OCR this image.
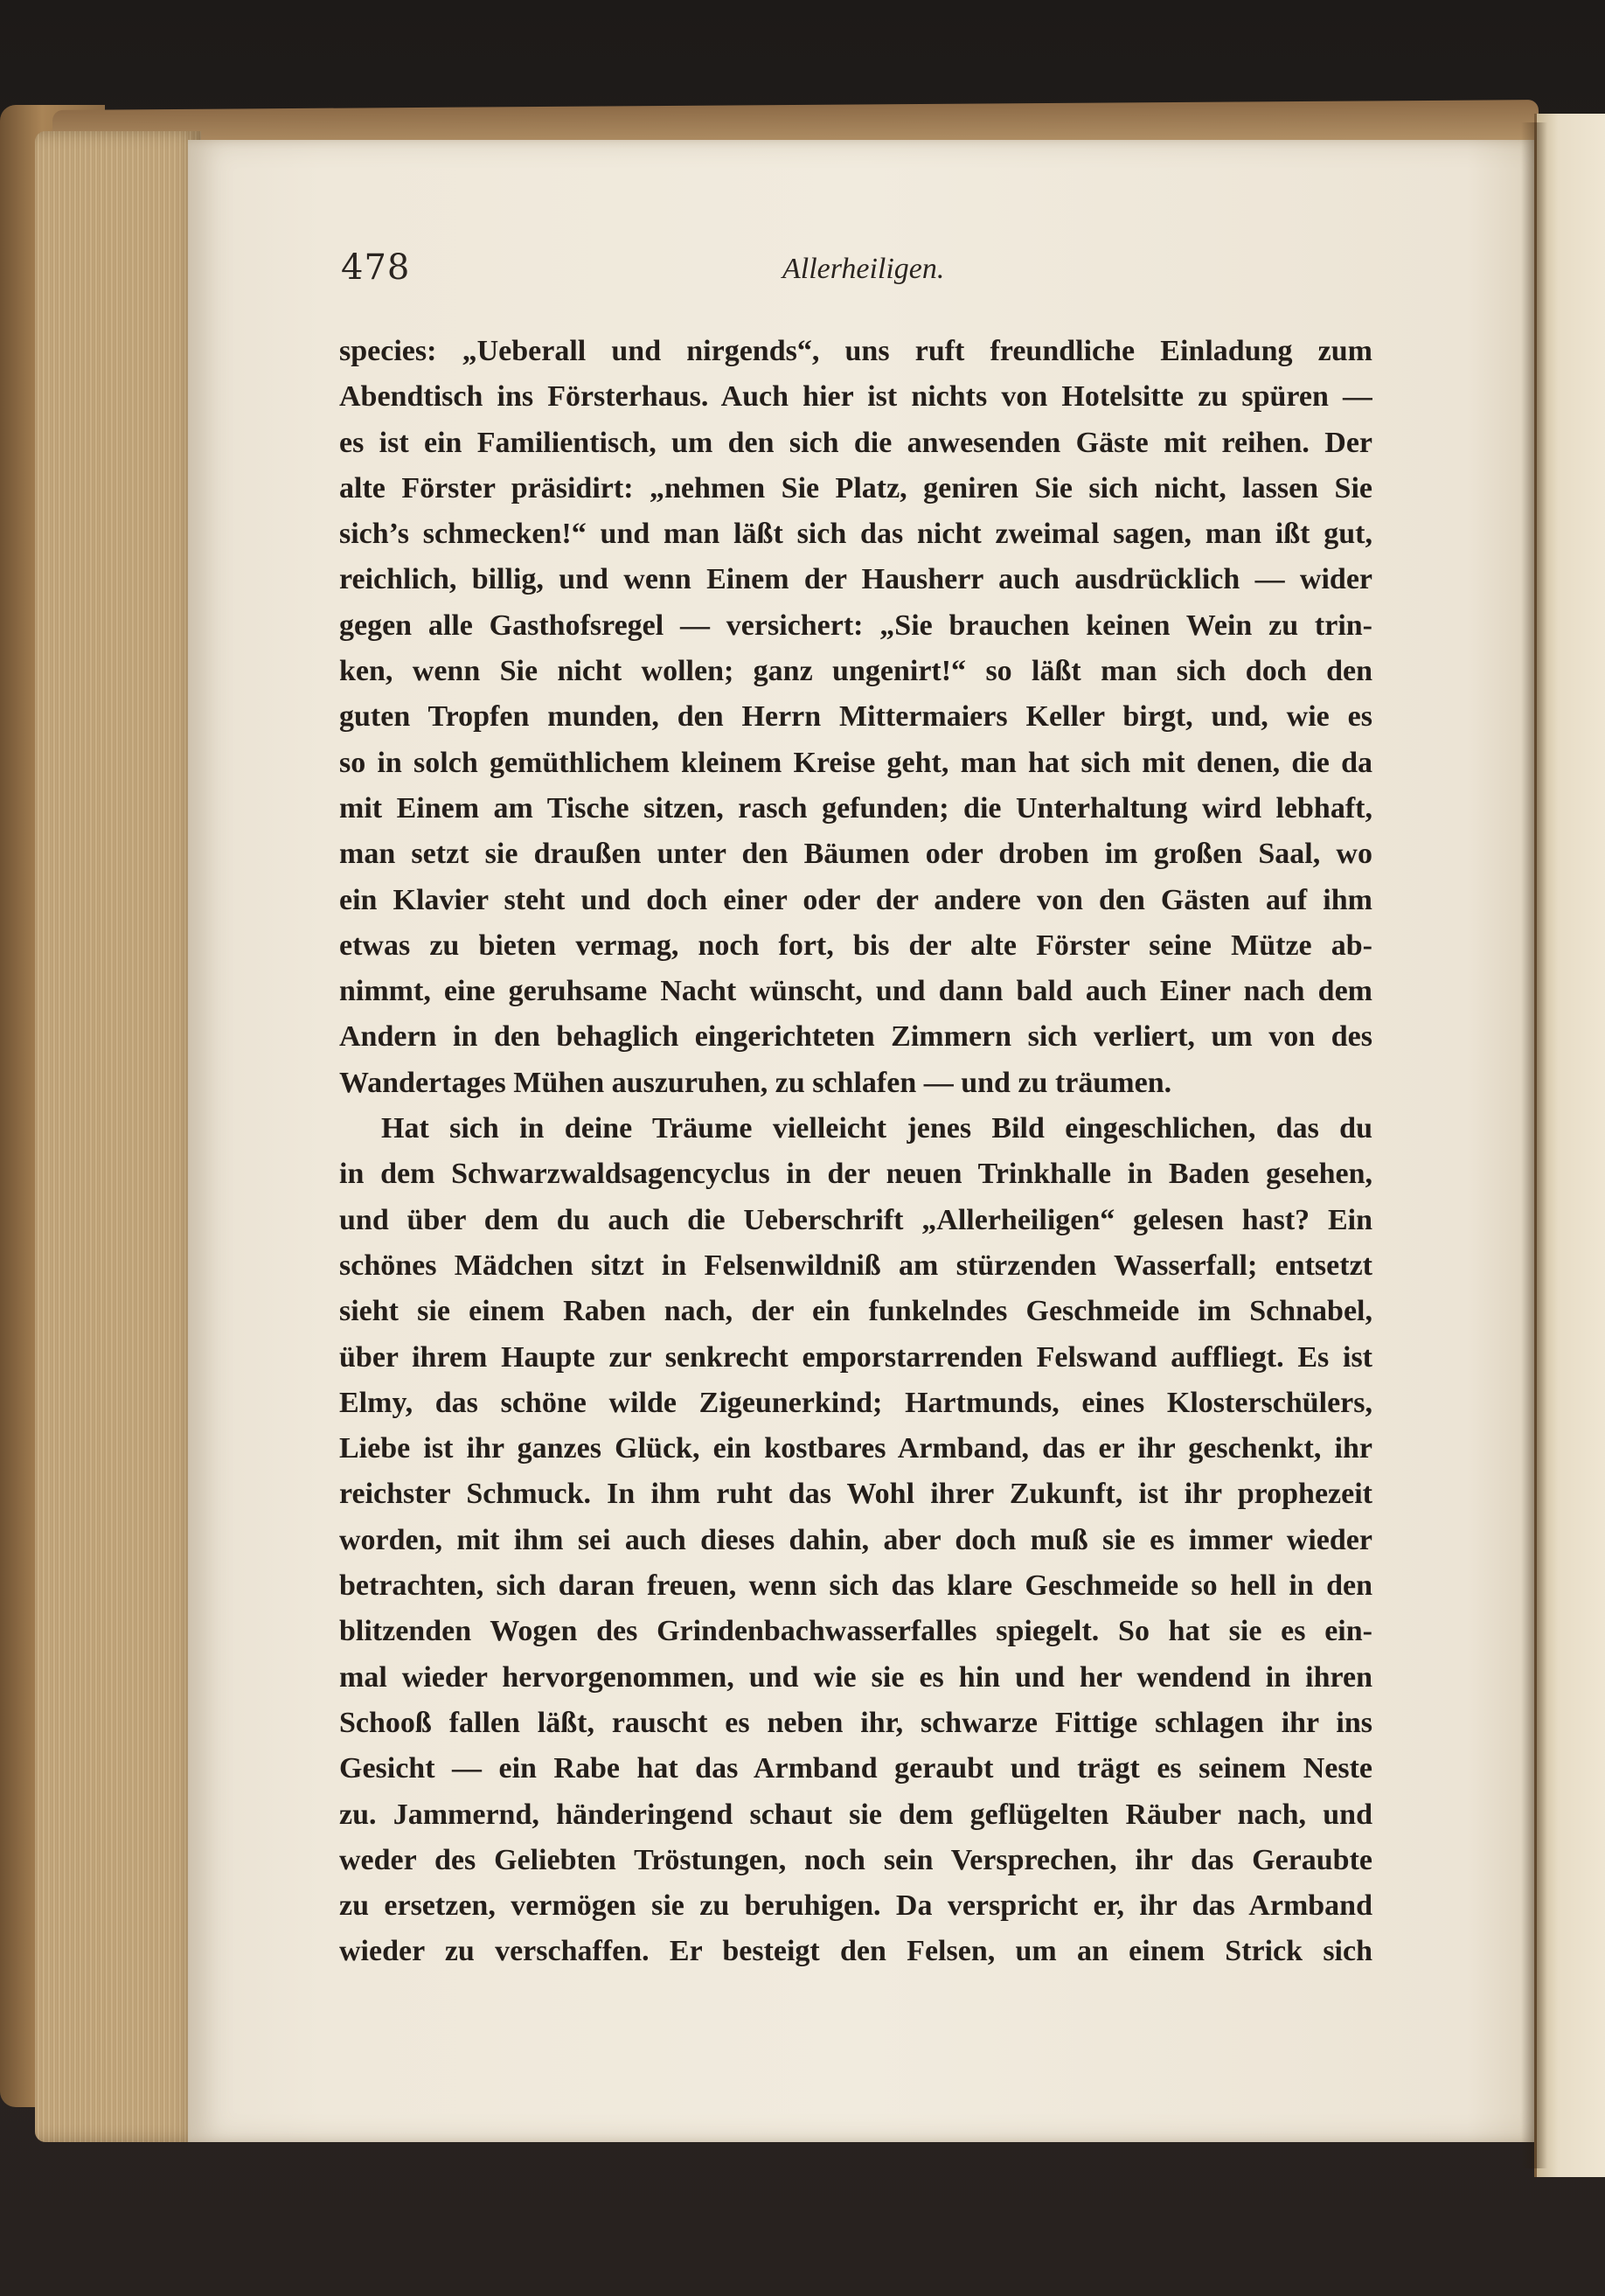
478	Allerheiligen.
species: „Ueberall und nirgends“, uns ruft freundliche Einladung zum
Abendtisch ins Försterhaus. Auch hier ist nichts von Hotelsitte zu spüren —
es ist ein Familientisch, um den sich die anwesenden Gäste mit reihen. Der
alte Förster präsidirt: „nehmen Sie Platz, geniren Sie sich nicht, lassen Sie
sich’s schmecken!“ und man läßt sich das nicht zweimal sagen, man ißt gut,
reichlich, billig, und wenn Einem der Hausherr auch ausdrücklich — wider
gegen alle Gasthofsregel — versichert: „Sie brauchen keinen Wein zu trin-
ken, wenn Sie nicht wollen; ganz ungenirt!“ so läßt man sich doch den
guten Tropfen munden, den Herrn Mittermaiers Keller birgt, und, wie es
so in solch gemüthlichem kleinem Kreise geht, man hat sich mit denen, die da
mit Einem am Tische sitzen, rasch gefunden; die Unterhaltung wird lebhaft,
man setzt sie draußen unter den Bäumen oder droben im großen Saal, wo
ein Klavier steht und doch einer oder der andere von den Gästen auf ihm
etwas zu bieten vermag, noch fort, bis der alte Förster seine Mütze ab-
nimmt, eine geruhsame Nacht wünscht, und dann bald auch Einer nach dem
Andern in den behaglich eingerichteten Zimmern sich verliert, um von des
Wandertages Mühen auszuruhen, zu schlafen — und zu träumen.
Hat sich in deine Träume vielleicht jenes Bild eingeschlichen, das du
in dem Schwarzwaldsagencyclus in der neuen Trinkhalle in Baden gesehen,
und über dem du auch die Ueberschrift „Allerheiligen“ gelesen hast? Ein
schönes Mädchen sitzt in Felsenwildniß am stürzenden Wasserfall; entsetzt
sieht sie einem Raben nach, der ein funkelndes Geschmeide im Schnabel,
über ihrem Haupte zur senkrecht emporstarrenden Felswand auffliegt. Es ist
Elmy, das schöne wilde Zigeunerkind; Hartmunds, eines Klosterschülers,
Liebe ist ihr ganzes Glück, ein kostbares Armband, das er ihr geschenkt, ihr
reichster Schmuck. In ihm ruht das Wohl ihrer Zukunft, ist ihr prophezeit
worden, mit ihm sei auch dieses dahin, aber doch muß sie es immer wieder
betrachten, sich daran freuen, wenn sich das klare Geschmeide so hell in den
blitzenden Wogen des Grindenbachwasserfalles spiegelt. So hat sie es ein-
mal wieder hervorgenommen, und wie sie es hin und her wendend in ihren
Schooß fallen läßt, rauscht es neben ihr, schwarze Fittige schlagen ihr ins
Gesicht — ein Rabe hat das Armband geraubt und trägt es seinem Neste
zu. Jammernd, händeringend schaut sie dem geflügelten Räuber nach, und
weder des Geliebten Tröstungen, noch sein Versprechen, ihr das Geraubte
zu ersetzen, vermögen sie zu beruhigen. Da verspricht er, ihr das Armband
wieder zu verschaffen. Er besteigt den Felsen, um an einem Strick sich
